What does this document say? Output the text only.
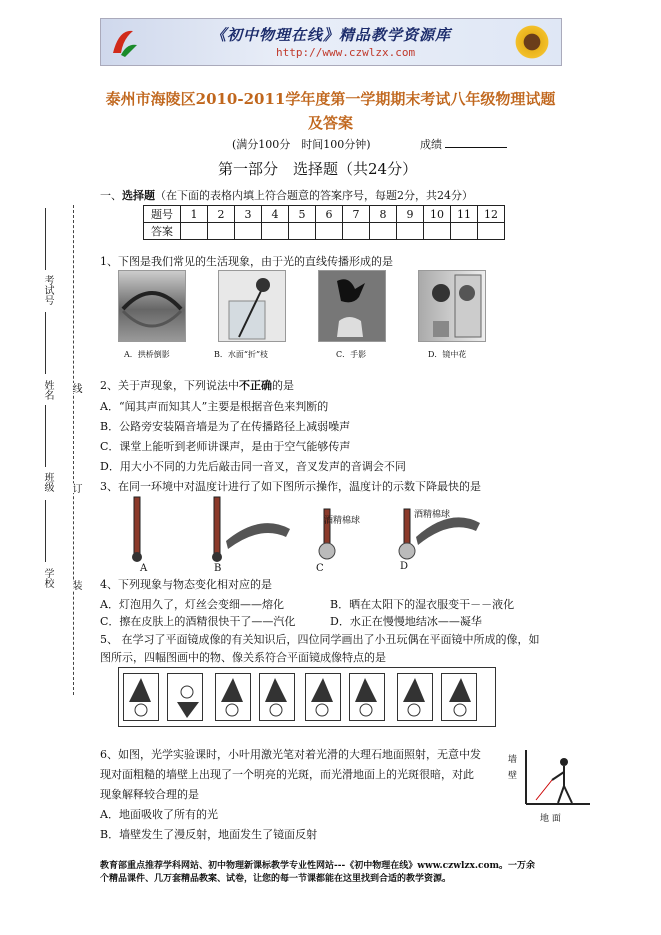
《初中物理在线》精品教学资源库
http://www.czwlzx.com
泰州市海陵区2010-2011学年度第一学期期末考试八年级物理试题
及答案
(满分100分　时间100分钟)	成绩
第一部分　选择题（共24分）
一、选择题（在下面的表格内填上符合题意的答案序号，每题2分，共24分）
题号	1	2	3	4	5	6	7	8	9	10	11	12
答案												
考试号
姓名
班级
学校
线
订
装
1、下图是我们常见的生活现象，由于光的直线传播形成的是
A．拱桥倒影	B．水面“折”枝	C．手影	D．镜中花
2、关于声现象，下列说法中不正确的是
A．“闻其声而知其人”主要是根据音色来判断的
B．公路旁安装隔音墙是为了在传播路径上减弱噪声
C．课堂上能听到老师讲课声，是由于空气能够传声
D．用大小不同的力先后敲击同一音叉，音叉发声的音调会不同
3、在同一环境中对温度计进行了如下图所示操作，温度计的示数下降最快的是
酒精棉球
酒精棉球
A	B	C	D
4、下列现象与物态变化相对应的是
A．灯泡用久了，灯丝会变细——熔化	B．晒在太阳下的湿衣服变干－－液化
C．擦在皮肤上的酒精很快干了——汽化	D．水正在慢慢地结冰——凝华
5、 在学习了平面镜成像的有关知识后，四位同学画出了小丑玩偶在平面镜中所成的像，如
图所示，四幅图画中的物、像关系符合平面镜成像特点的是
6、如图，光学实验课时，小叶用激光笔对着光滑的大理石地面照射，无意中发
现对面粗糙的墙壁上出现了一个明亮的光斑，而光滑地面上的光斑很暗，对此
现象解释较合理的是
A．地面吸收了所有的光
B．墙壁发生了漫反射，地面发生了镜面反射
墙壁
地 面
教育部重点推荐学科网站、初中物理新课标教学专业性网站---《初中物理在线》www.czwlzx.com。一万余
个精品课件、几万套精品教案、试卷，让您的每一节课都能在这里找到合适的教学资源。
